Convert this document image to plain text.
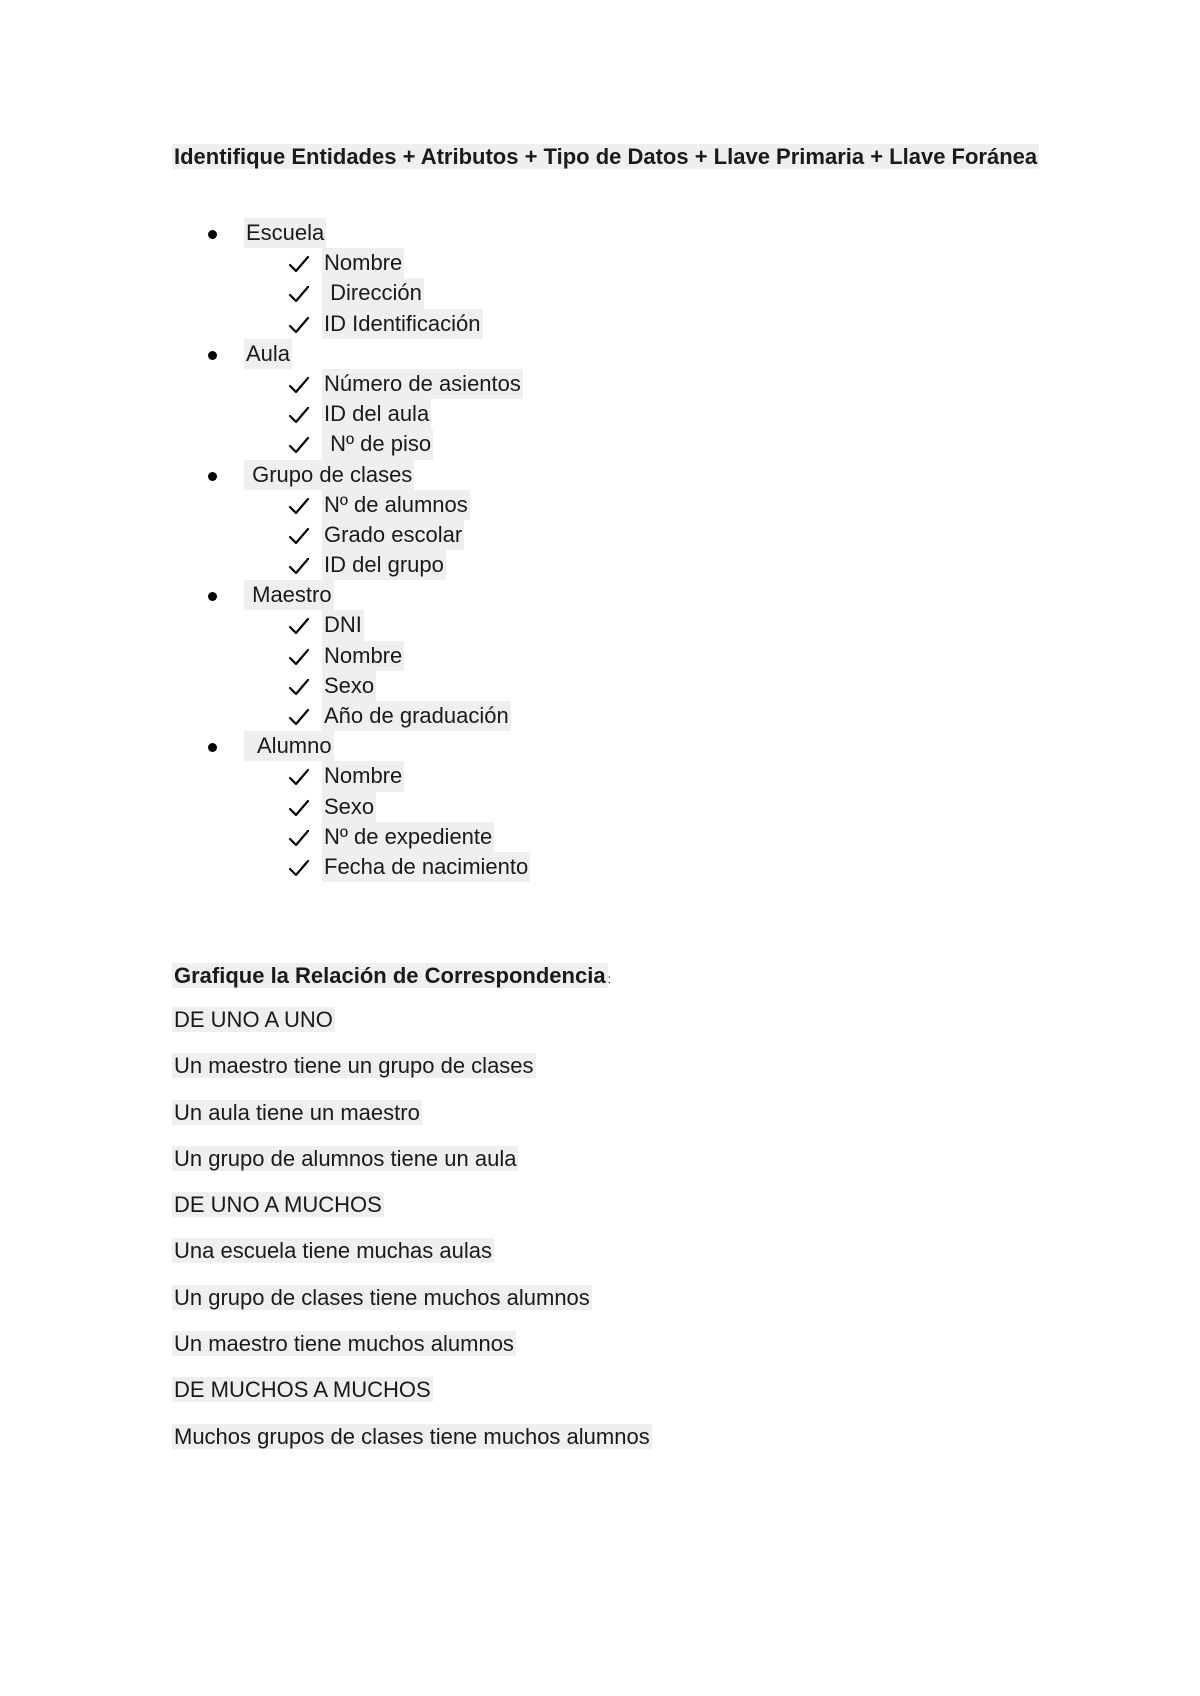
Identifique Entidades + Atributos + Tipo de Datos + Llave Primaria + Llave Foránea
Escuela
Nombre
Dirección
ID Identificación
Aula
Número de asientos
ID del aula
Nº de piso
Grupo de clases
Nº de alumnos
Grado escolar
ID del grupo
Maestro
DNI
Nombre
Sexo
Año de graduación
Alumno
Nombre
Sexo
Nº de expediente
Fecha de nacimiento
Grafique la Relación de Correspondencia :
DE UNO A UNO
Un maestro tiene un grupo de clases
Un aula tiene un maestro
Un grupo de alumnos tiene un aula
DE UNO A MUCHOS
Una escuela tiene muchas aulas
Un grupo de clases tiene muchos alumnos
Un maestro tiene muchos alumnos
DE MUCHOS A MUCHOS
Muchos grupos de clases tiene muchos alumnos
